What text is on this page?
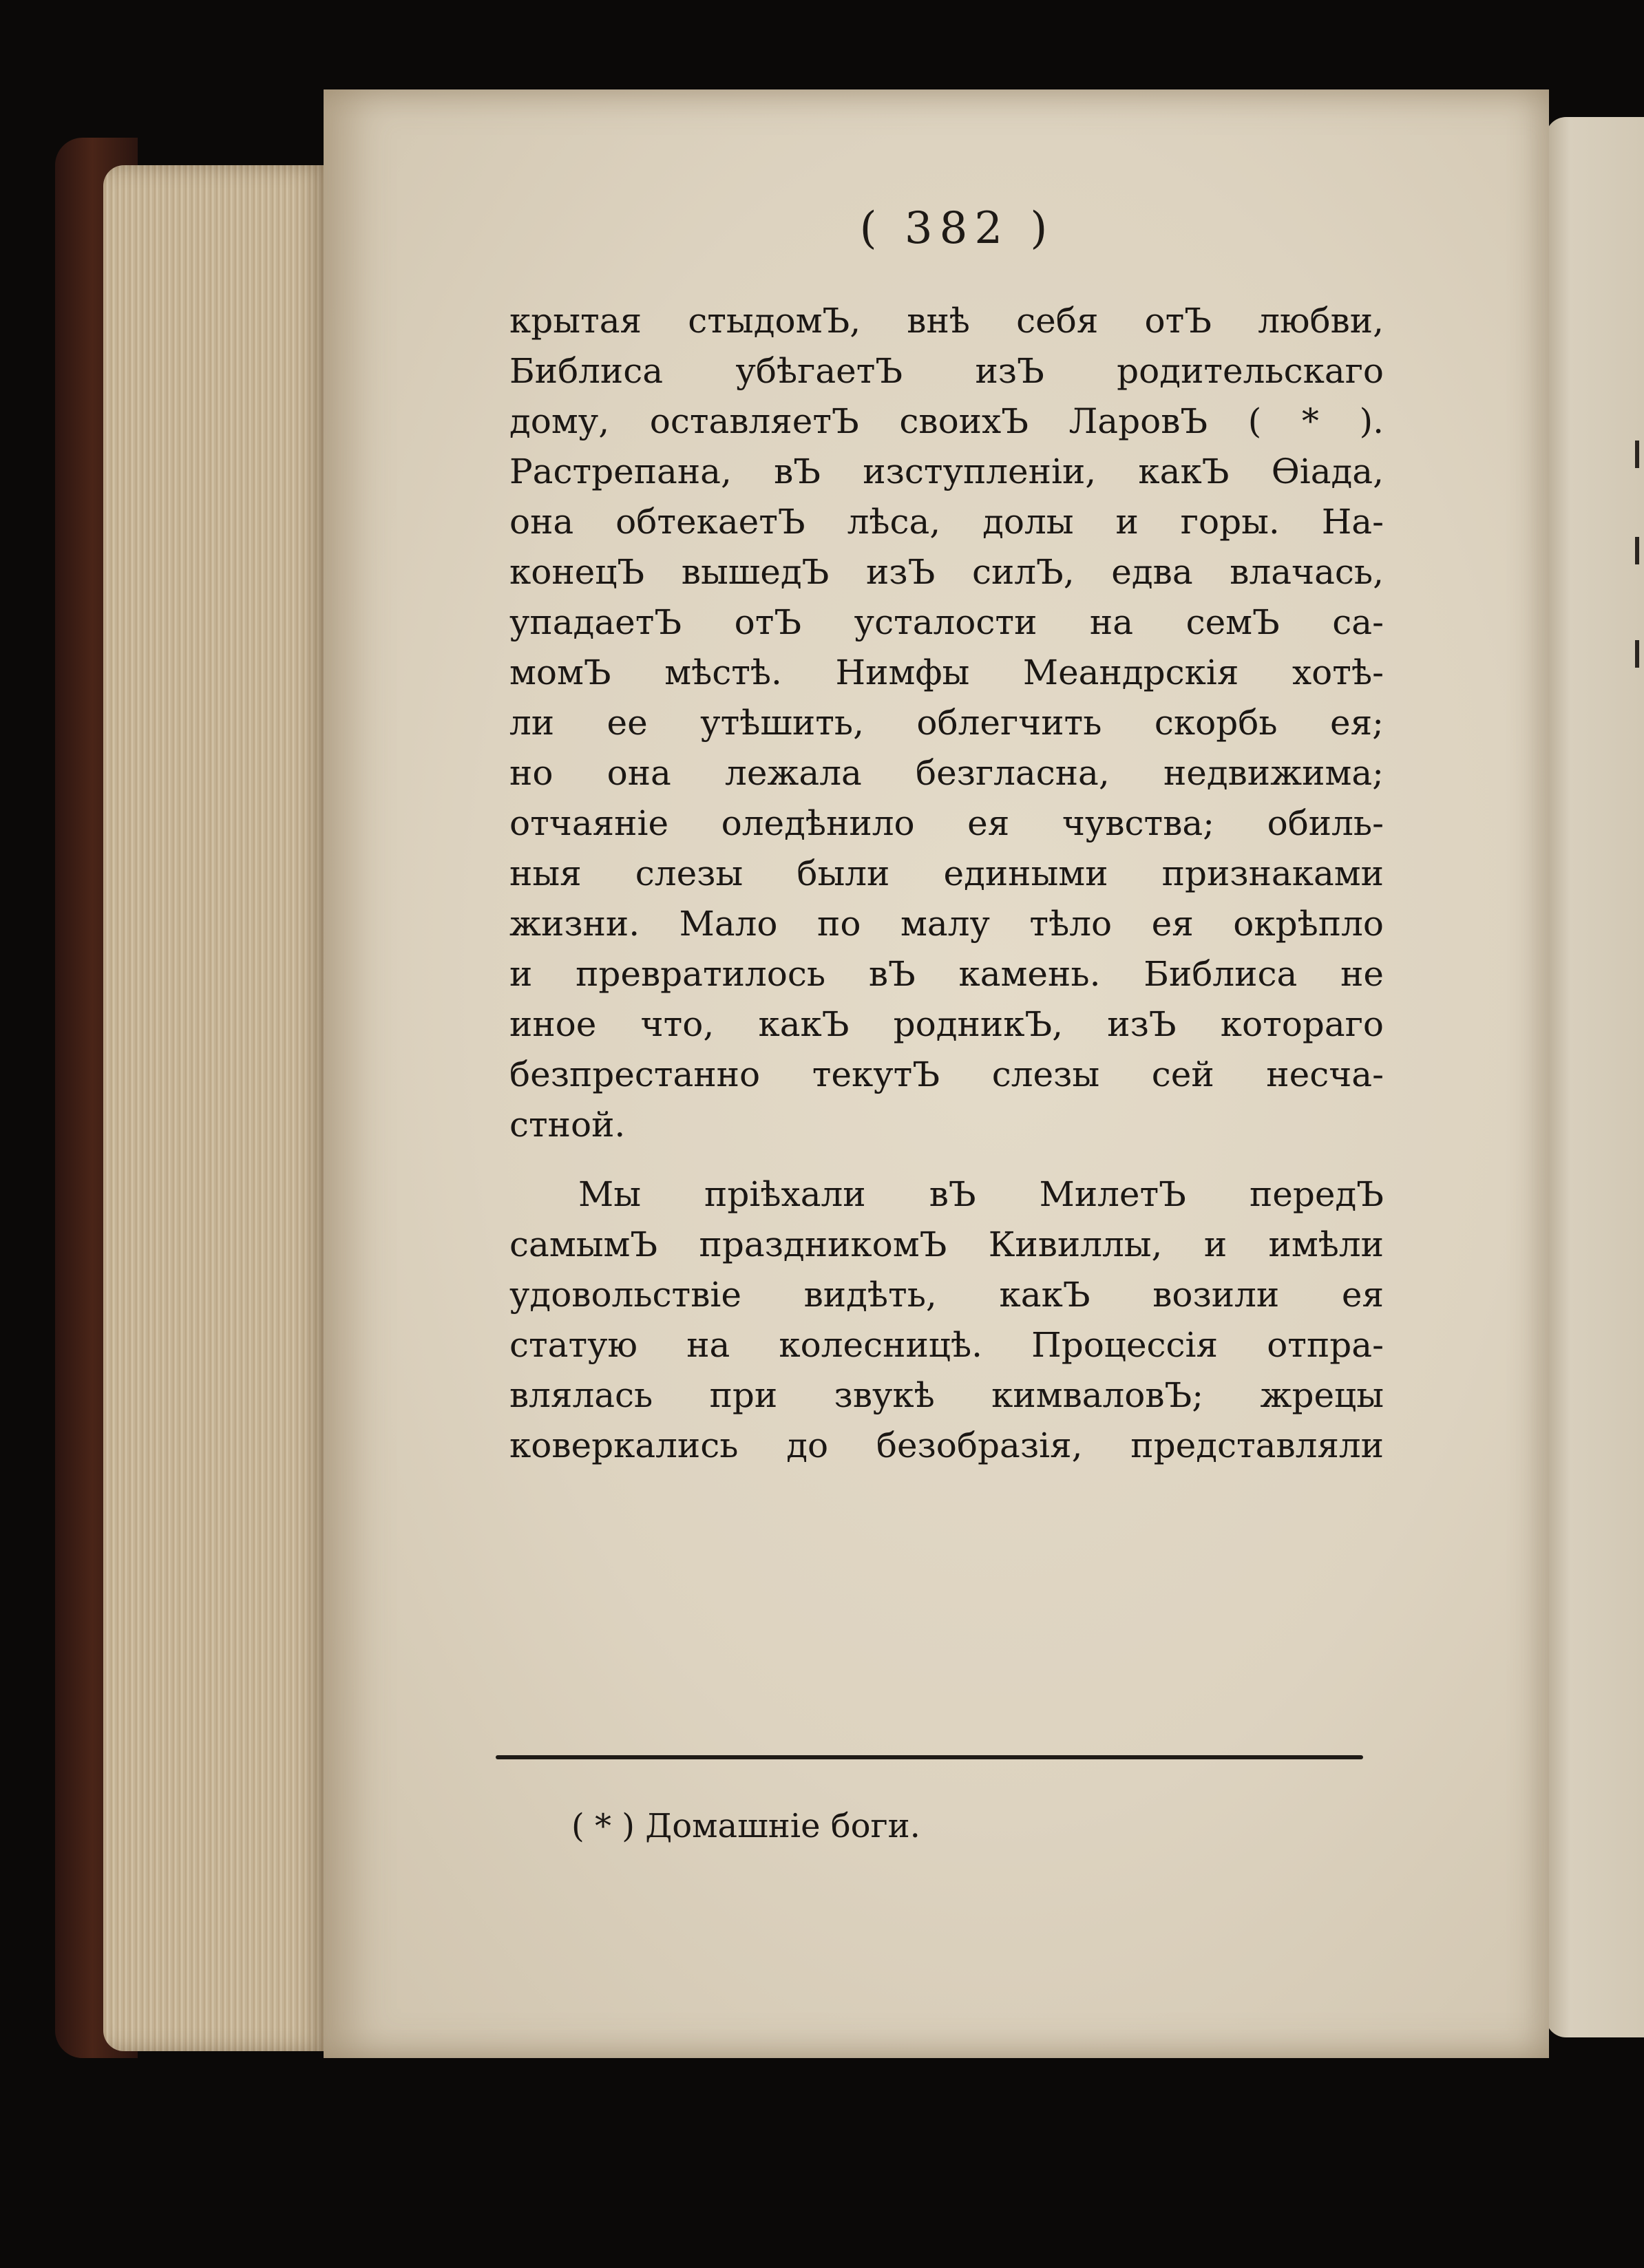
( 382 )
крытая стыдомЪ, внѣ себя отЪ любви,
Библиса убѣгаетЪ изЪ родительскаго
дому, оставляетЪ своихЪ ЛаровЪ ( * ).
Растрепана, вЪ изступленіи, какЪ Ѳіада,
она обтекаетЪ лѣса, долы и горы. На-
конецЪ вышедЪ изЪ силЪ, едва влачась,
упадаетЪ отЪ усталости на семЪ са-
момЪ мѣстѣ. Нимфы Меандрскія хотѣ-
ли ее утѣшить, облегчить скорбь ея;
но она лежала безгласна, недвижима;
отчаяніе оледѣнило ея чувства; обиль-
ныя слезы были едиными признаками
жизни. Мало по малу тѣло ея окрѣпло
и превратилось вЪ камень. Библиса не
иное что, какЪ родникЪ, изЪ котораго
безпрестанно текутЪ слезы сей несча-
стной.
Мы пріѣхали вЪ МилетЪ передЪ
самымЪ праздникомЪ Кивиллы, и имѣли
удовольствіе видѣть, какЪ возили ея
статую на колесницѣ. Процессія отпра-
влялась при звукѣ кимваловЪ; жрецы
коверкались до безобразія, представляли
( * ) Домашніе боги.
